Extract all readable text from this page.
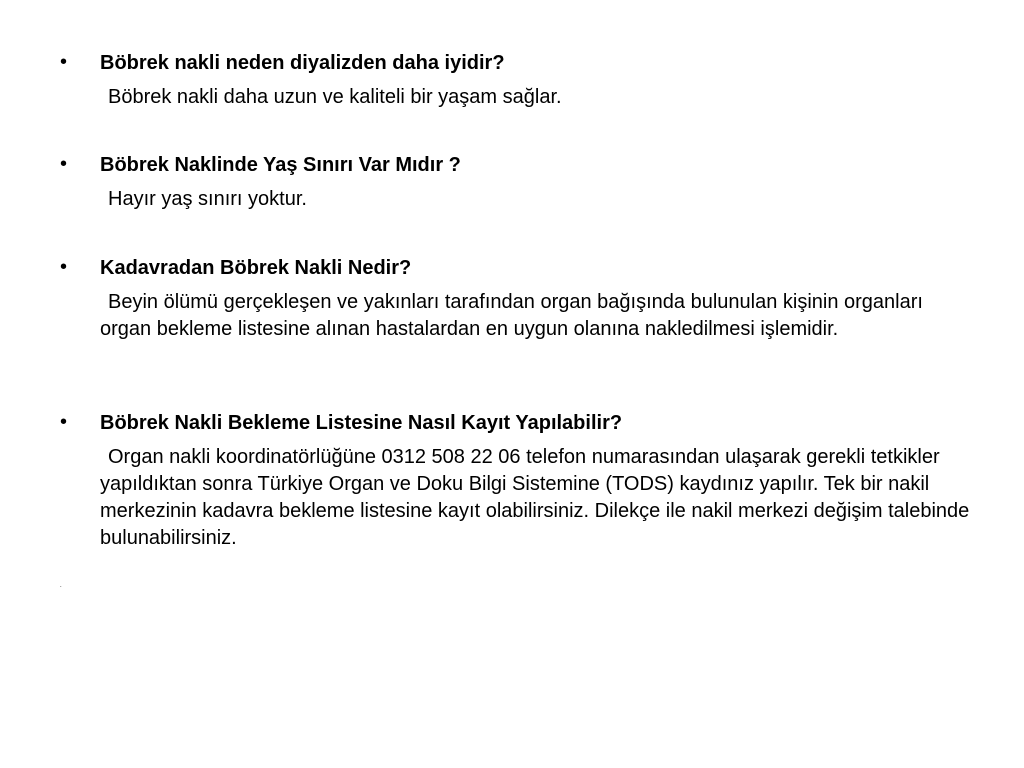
• Böbrek nakli neden diyalizden daha iyidir?
Böbrek nakli daha uzun ve kaliteli bir yaşam sağlar.
• Böbrek Naklinde Yaş Sınırı Var Mıdır ?
Hayır yaş sınırı yoktur.
• Kadavradan Böbrek Nakli Nedir?
Beyin ölümü gerçekleşen ve yakınları tarafından organ bağışında bulunulan kişinin organları organ bekleme listesine alınan hastalardan en uygun olanına nakledilmesi işlemidir.
• Böbrek Nakli Bekleme Listesine Nasıl Kayıt Yapılabilir?
Organ nakli koordinatörlüğüne 0312 508 22 06 telefon numarasından ulaşarak gerekli tetkikler yapıldıktan sonra Türkiye Organ ve Doku Bilgi Sistemine (TODS) kaydınız yapılır. Tek bir nakil merkezinin kadavra bekleme listesine kayıt olabilirsiniz. Dilekçe ile nakil merkezi değişim talebinde bulunabilirsiniz.
.
